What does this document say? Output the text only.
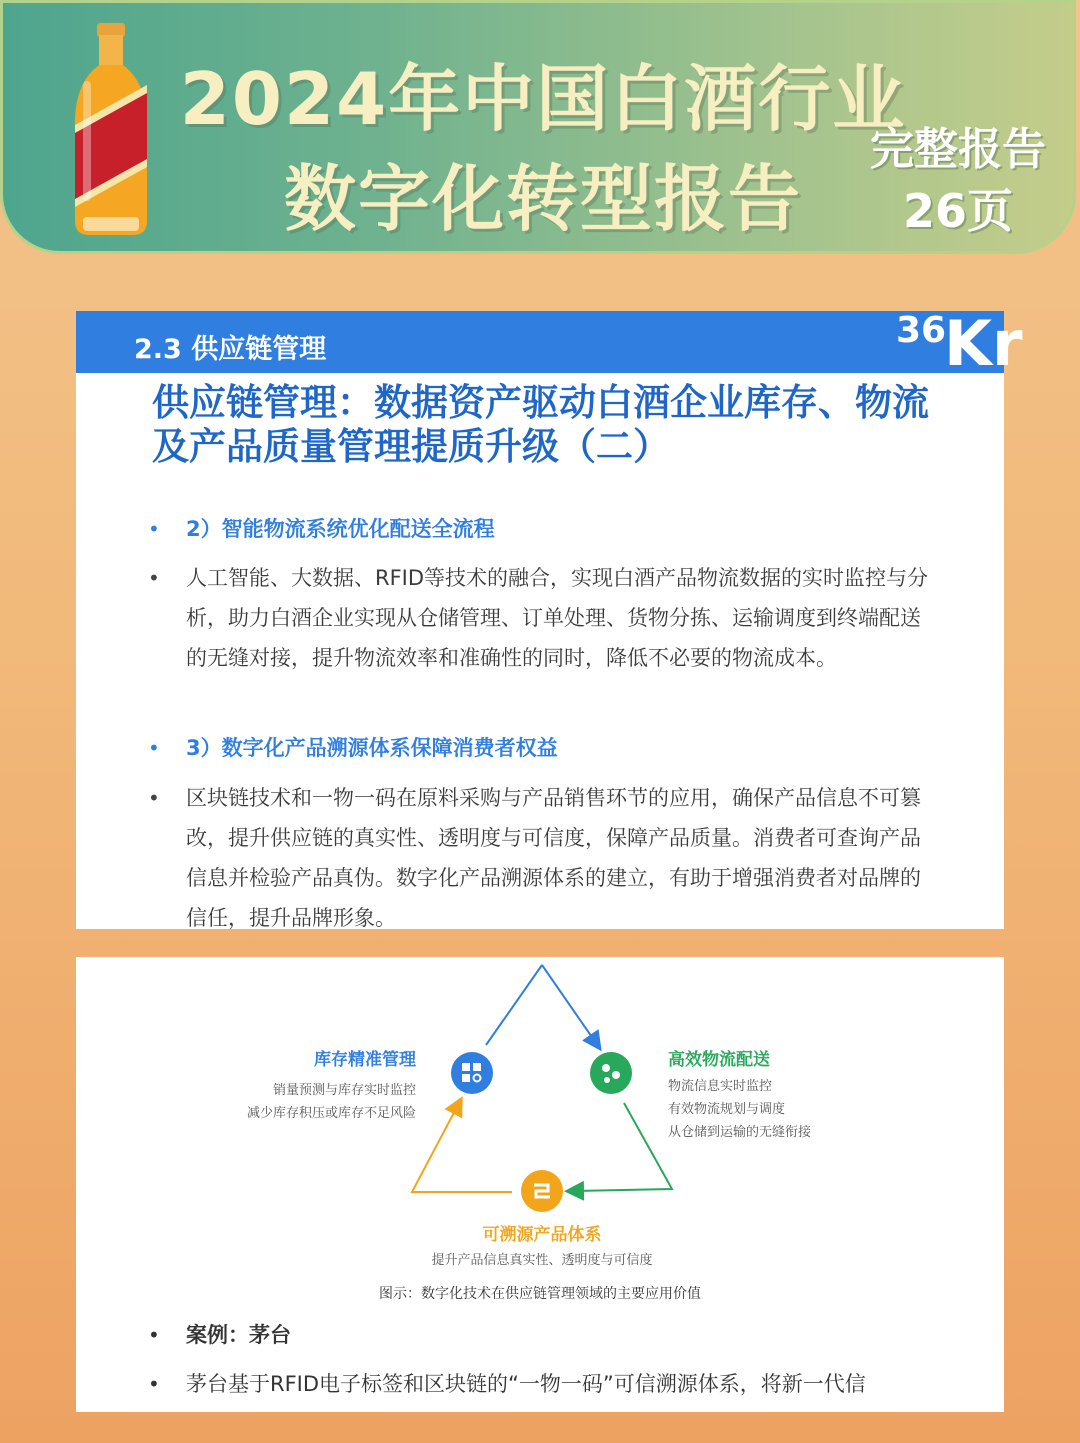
2024年中国白酒行业
数字化转型报告
完整报告
26页
2.3 供应链管理	36
Kr
供应链管理：数据资产驱动白酒企业库存、物流及产品质量管理提质升级（二）
• 2）智能物流系统优化配送全流程
• 人工智能、大数据、RFID等技术的融合，实现白酒产品物流数据的实时监控与分析，助力白酒企业实现从仓储管理、订单处理、货物分拣、运输调度到终端配送的无缝对接，提升物流效率和准确性的同时，降低不必要的物流成本。
• 3）数字化产品溯源体系保障消费者权益
• 区块链技术和一物一码在原料采购与产品销售环节的应用，确保产品信息不可篡改，提升供应链的真实性、透明度与可信度，保障产品质量。消费者可查询产品信息并检验产品真伪。数字化产品溯源体系的建立，有助于增强消费者对品牌的信任，提升品牌形象。
库存精准管理
销量预测与库存实时监控
减少库存积压或库存不足风险
高效物流配送
物流信息实时监控
有效物流规划与调度
从仓储到运输的无缝衔接
可溯源产品体系
提升产品信息真实性、透明度与可信度
图示：数字化技术在供应链管理领域的主要应用价值
• 案例：茅台
• 茅台基于RFID电子标签和区块链的“一物一码”可信溯源体系，将新一代信
